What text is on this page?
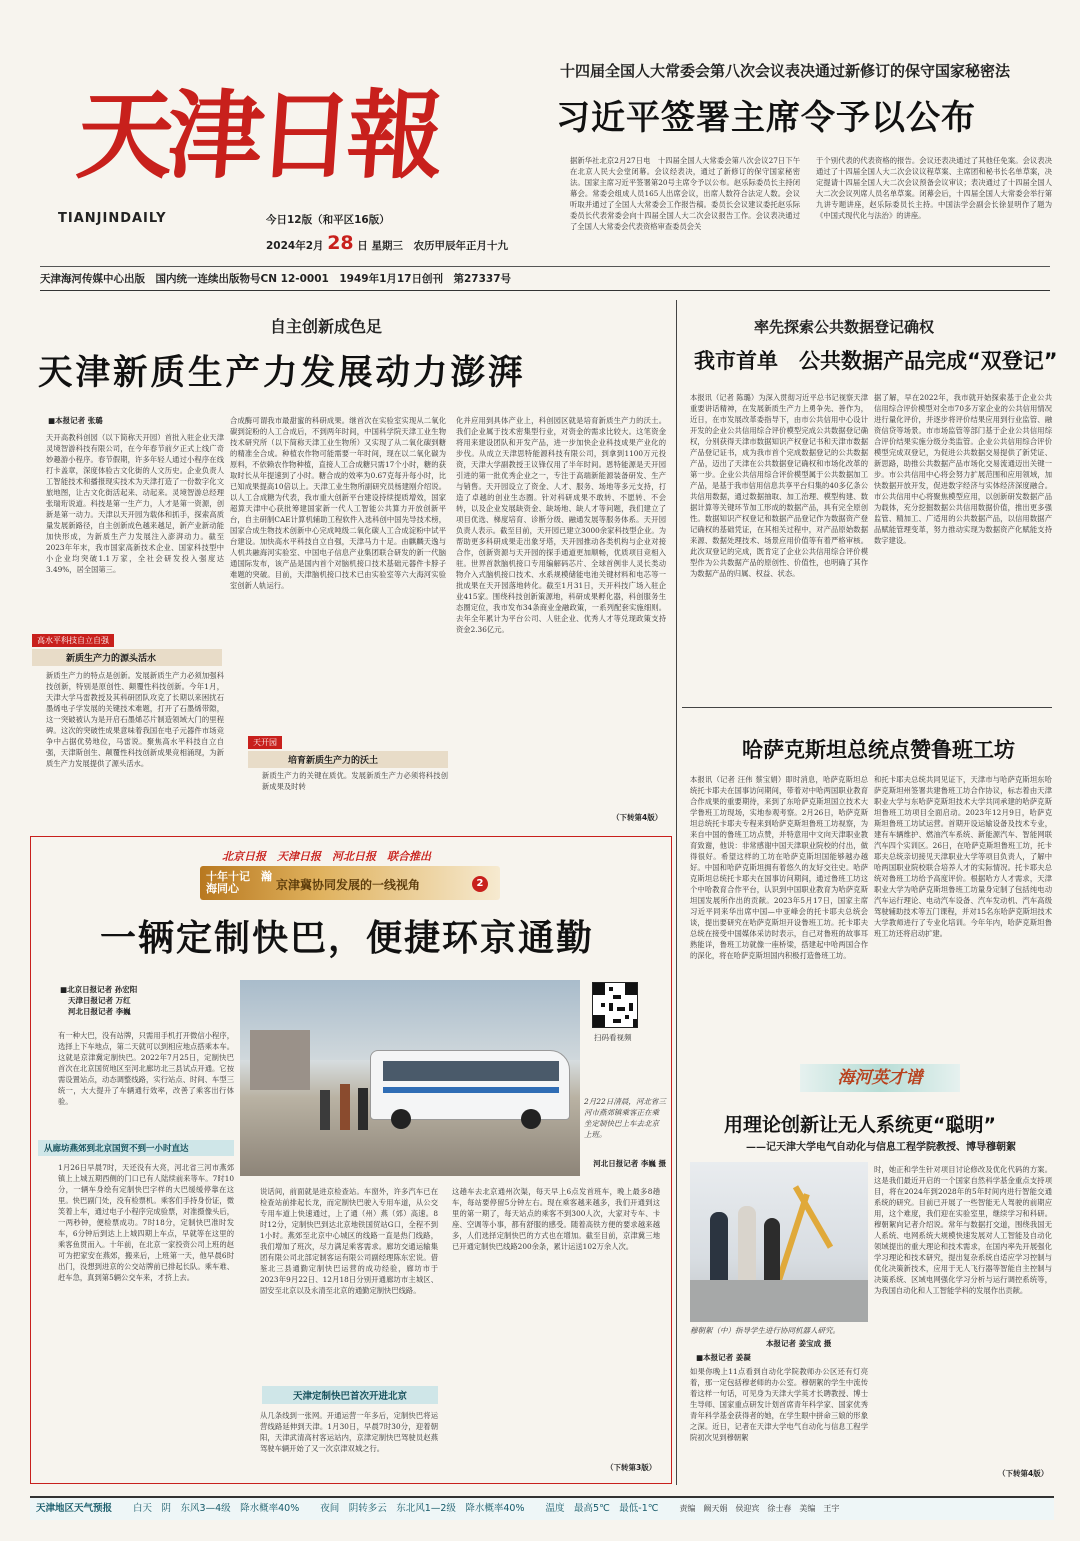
天津日報
TIANJINDAILY	今日12版（和平区16版）
2024年2月 28 日 星期三　农历甲辰年正月十九
天津海河传媒中心出版　国内统一连续出版物号CN 12-0001　1949年1月17日创刊　第27337号
十四届全国人大常委会第八次会议表决通过新修订的保守国家秘密法
习近平签署主席令予以公布
据新华社北京2月27日电　十四届全国人大常委会第八次会议27日下午在北京人民大会堂闭幕。会议经表决，通过了新修订的保守国家秘密法。国家主席习近平签署第20号主席令予以公布。赵乐际委员长主持闭幕会。常委会组成人员165人出席会议，出席人数符合法定人数。会议听取并通过了全国人大常委会工作报告稿。委员长会议建议委托赵乐际委员长代表常委会向十四届全国人大二次会议报告工作。会议表决通过了全国人大常委会代表资格审查委员会关
于个别代表的代表资格的报告。会议还表决通过了其他任免案。会议表决通过了十四届全国人大二次会议议程草案、主席团和秘书长名单草案，决定提请十四届全国人大二次会议预备会议审议；表决通过了十四届全国人大二次会议列席人员名单草案。闭幕会后，十四届全国人大常委会举行第九讲专题讲座，赵乐际委员长主持。中国法学会副会长徐显明作了题为《中国式现代化与法治》的讲座。
自主创新成色足
天津新质生产力发展动力澎湃
■本报记者 张璐
天开高教科创园（以下简称天开园）首批入驻企业天津灵境智游科技有限公司，在今年春节前夕正式上线广奇妙趣游小程序。春节假期，许多年轻人通过小程序在线打卡盖章，深度体验古文化街的人文历史。企业负责人工智能技术和播报现实技术为天津打造了一份数字化文旅地图，让古文化街活起来、动起来。灵境智游总经理张瑞珩说道。科技是第一生产力，人才是第一资源，创新是第一动力。天津以天开园为载体和抓手，探索高质量发展新路径，自主创新成色越来越足，新产业新动能加快形成，为新质生产力发展注入澎湃动力。截至2023年年末，我市国家高新技术企业、国家科技型中小企业均突破1.1万家，全社会研发投入强度达3.49%，居全国第三。
高水平科技自立自强
新质生产力的源头活水
新质生产力的特点是创新。发展新质生产力必须加强科技创新，特别是原创性、颠覆性科技创新。今年1月，天津大学马雷教授及其科研团队攻克了长期以来困扰石墨烯电子学发展的关键技术难题，打开了石墨烯带隙，这一突破被认为是开启石墨烯芯片制造领域大门的里程碑。这次的突破性成果意味着我国在电子元器件市场竞争中占据优势地位，马雷说。聚焦高水平科技自立自强，天津斯创生、颠覆性科技创新成果竞相涌现，为新质生产力发展提供了源头活水。
合成酶可谓我市最甜蜜的科研成果。继首次在实验室实现从二氧化碳到淀粉的人工合成后，不到两年时间，中国科学院天津工业生物技术研究所（以下简称天津工业生物所）又实现了从二氧化碳到糖的精准全合成。种植农作物可能需要一年时间，现在以二氧化碳为原料，不依赖农作物种植，直接人工合成糖只需17个小时，糖的获取时长从年提速到了小时。糖合成的效率为0.67克每升每小时，比已知成果提高10倍以上。天津工业生物所副研究员杨建刚介绍说。以人工合成糖为代表，我市重大创新平台建设持续提质增效，国家超算天津中心获批筹建国家新一代人工智能公共算力开放创新平台，自主研制CAE计算机辅助工程软件入选科创中国先导技术榜，国家合成生物技术创新中心完成吨级二氧化碳人工合成淀粉中试平台建设。加快高水平科技自立自强，天津马力十足。由麒麟天逸与人机共融海河实验室、中国电子信息产业集团联合研发的新一代脑通国际发布，该产品是国内首个对脑机接口技术基础元器件卡脖子难题的突破。目前，天津脑机接口技术已由实验室等六大海河实验室创新人轨运行。
天开园
培育新质生产力的沃土
新质生产力的关键在质优。发展新质生产力必须将科技创新成果及时转
化并应用到具体产业上，科创园区就是培育新质生产力的沃土。我们企业属于技术密集型行业，对资金的需求比较大。这笔资金将用来建设团队和开发产品，进一步加快企业科技成果产业化的步伐。从成立天津思特能源科技有限公司，到拿到1100万元投资，天津大学副教授王议锋仅用了半年时间。恩特能源是天开园引进的第一批优秀企业之一，专注于高端新能源装备研发、生产与销售。天开园设立了资金、人才、服务、场地等多元支持，打造了卓越的创业生态圈。针对科研成果不敢转、不愿转、不会转，以及企业发展缺资金、缺场地、缺人才等问题，我们建立了项目优选、梯度培育、诊断分级、融通发展等服务体系。天开园负责人表示。截至目前，天开园已建立3000余家科技型企业。为帮助更多科研成果走出象牙塔，天开园推动各类机构与企业对接合作，创新资源与天开园的探手通道更加顺畅，优质项目竞相入驻。世界首款脑机接口专用编解码芯片、全球首例非人灵长类动物介入式脑机接口技术、水系规模储能电池关键材料和电芯等一批成果在天开园落地转化。截至1月31日，天开科技广场入驻企业415家。围绕科技创新策源地，科研成果孵化器，科创服务生态圈定位，我市发布34条商业金融政策，一系列配套实施细则。去年全年累计为平台公司、人驻企业、优秀人才等兑现政策支持资金2.36亿元。
（下转第4版）
率先探索公共数据登记确权
我市首单　公共数据产品完成“双登记”
本报讯（记者 陈璐）为深入贯彻习近平总书记视察天津重要讲话精神，在发展新质生产力上勇争先、善作为，近日，在市发展改革委指导下，由市公共信用中心设计开发的企业公共信用综合评价模型完成公共数据登记确权，分别获得天津市数据知识产权登记书和天津市数据产品登记证书，成为我市首个完成数据登记的公共数据产品，迈出了天津在公共数据登记确权和市场化改革的第一步。企业公共信用综合评价模型属于公共数据加工产品，是基于我市信用信息共享平台归集的40多亿条公共信用数据，通过数据抽取、加工治理、模型构建、数据计算等关键环节加工形成的数据产品，具有完全原创性。数据知识产权登记和数据产品登记作为数据资产登记确权的基础凭证，在其相关过程中，对产品原始数据来源、数据处理技术、场景应用价值等有着严格审核。此次双登记的完成，既肯定了企业公共信用综合评价模型作为公共数据产品的原创性、价值性，也明确了其作为数据产品的归属、权益、状态。
据了解，早在2022年，我市就开始探索基于企业公共信用综合评价模型对全市70多万家企业的公共信用情况进行量化评价，并逐步将评价结果应用到行业监管、融资信贷等场景。市市场监管等部门基于企业公共信用综合评价结果实施分级分类监管。企业公共信用综合评价模型完成双登记，为促进公共数据交易提供了新凭证、新思路，助推公共数据产品市场化交易流通迈出关键一步。市公共信用中心将会努力扩展范围和应用领域，加快数据开放开发，促进数字经济与实体经济深度融合。市公共信用中心将聚焦模型应用，以创新研发数据产品为载体，充分挖掘数据公共信用数据价值，推出更多强监管、精加工、广适用的公共数据产品，以信用数据产品赋能管理变革，努力推动实现为数据资产化赋能支持数字建设。
哈萨克斯坦总统点赞鲁班工坊
本报讯（记者 汪伟 蔡宝娟）即时消息，哈萨克斯坦总统托卡耶夫在国事访问期间，带着对中哈两国职业教育合作成果的重要期待，来到了东哈萨克斯坦国立技术大学鲁班工坊现场，实地参观考察。2月26日，哈萨克斯坦总统托卡耶夫专程来到哈萨克斯坦鲁班工坊视察，为来自中国的鲁班工坊点赞，并特意用中文向天津职业教育致谢，他说：非常感谢中国天津职业院校的付出，做得很好。希望这样的工坊在哈萨克斯坦国能够越办越好。中国和哈萨克斯坦拥有着悠久的友好交往史。哈萨克斯坦总统托卡耶夫在国事访问期间，通过鲁班工坊这个中哈教育合作平台，认识到中国职业教育为哈萨克斯坦国发展所作出的贡献。2023年5月17日，国家主席习近平同来华出席中国—中亚峰会的托卡耶夫总统会谈，提出要研究在哈萨克斯坦开设鲁班工坊。托卡耶夫总统在接受中国媒体采访时表示，自己对鲁班的故事耳熟能详，鲁班工坊就像一座桥梁，搭建起中哈两国合作的深化，将在哈萨克斯坦国内积极打造鲁班工坊。
和托卡耶夫总统共同见证下，天津市与哈萨克斯坦东哈萨克斯坦州签署共建鲁班工坊合作协议，标志着由天津职业大学与东哈萨克斯坦技术大学共同承建的哈萨克斯坦鲁班工坊项目全面启动。2023年12月9日，哈萨克斯坦鲁班工坊试运营。首期开设运输设备及技术专业，建有车辆维护、燃油汽车系统、新能源汽车、智能网联汽车四个实训区。26日，在哈萨克斯坦鲁班工坊，托卡耶夫总统亲切接见天津职业大学等项目负责人，了解中哈两国职业院校联合培养人才的实际情况。托卡耶夫总统对鲁班工坊给予高度评价。根据哈方人才需求，天津职业大学为哈萨克斯坦鲁班工坊量身定制了包括纯电动汽车运行理论、电动汽车设备、汽车发动机、汽车高级驾驶辅助技术等五门课程，并对15名东哈萨克斯坦技术大学教师进行了专业化培训。今年年内，哈萨克斯坦鲁班工坊还将启动扩建。
北京日报　天津日报　河北日报　联合推出
十年十记　瀚海同心	京津冀协同发展的一线视角	2
一辆定制快巴，便捷环京通勤
■北京日报记者 孙宏阳
天津日报记者 万红
河北日报记者 李巍
扫码看视频
有一种大巴，没有站牌，只需用手机打开微信小程序，选择上下车地点，第二天就可以到相应地点搭乘本车。这就是京津冀定制快巴。2022年7月25日，定制快巴首次在北京国贸地区至河北廊坊北三县试点开通。它按需设置站点，动态调整线路，实行站点、时间、车型三统一，大大提升了车辆通行效率，改善了乘客出行体验。	2月22日清晨，河北省三河市燕郊镇乘客正在乘坐定制快巴上车去北京上班。
河北日报记者 李巍 摄
从廊坊燕郊到北京国贸不到一小时直达
1月26日早晨7时，天还没有大亮，河北省三河市燕郊镇上上城五期西侧的门口已有人陆续前来等车。7时10分，一辆车身绘有定制快巴字样的大巴缓缓停靠在这里。快巴副门处，没有检票机。乘客们手持身份证，微笑着上车，通过电子小程序完成验票，对准摄像头后，一两秒钟，便检票成功。7时18分，定制快巴准时发车，6分钟后到达上上城四期上车点，早就等在这里的乘客鱼贯而入。十年前，在北京一家投资公司上班的赵可为把家安在燕郊，搬来后，上班第一天，他早晨6时出门，没想到进京的公交站牌前已排起长队。乘车难、赶车急，真到第5辆公交车来，才挤上去。
说话间，前面就是进京检查站。车窗外，许多汽车已在检查站前排起长龙，而定制快巴驶入专用车道，从公交专用车道上快速通过，上了通（州）燕（郊）高速。8时12分，定制快巴到达北京地铁国贸站G口，全程不到1小时。燕郊至北京中心城区的线路一直是热门线路，我们增加了班次，尽力满足乘客需求。廊坊交通运输集团有限公司北部定制客运有限公司副经理陈东宏说。借鉴北三县通勤定制快巴运营的成功经验，廊坊市于2023年9月22日、12月18日分别开通廊坊市主城区、固安至北京以及永清至北京的通勤定制快巴线路。
天津定制快巴首次开进北京
从几条线到一张网。开通运营一年多后，定制快巴将运营线路延伸到天津。1月30日，早晨7时30分，迎着朝阳，天津武清高村客运站内，京津定制快巴驾驶员赵燕驾驶车辆开始了又一次京津双城之行。
这趟车去北京通州次渠，每天早上6点发首班车，晚上最多8趟车，每站要停留5分钟左右。现在乘客越来越多，我们开通到这里的第一期了，每天站点的乘客不到300人次，大家对专车、卡座、空调等小事，都有舒服的感受。随着高铁方便的要求越来越多，人们选择定制快巴的方式也在增加。截至目前，京津冀三地已开通定制快巴线路200余条，累计运送102万余人次。
（下转第3版）
海河英才谱
用理论创新让无人系统更“聪明”
——记天津大学电气自动化与信息工程学院教授、博导穆朝絮
穆朝絮（中）指导学生进行协同机器人研究。
本报记者 姜宝成 摄
■本报记者 姜凝
如果你晚上11点看到自动化学院教师办公区还有灯亮着，那一定包括穆老师的办公室。穆朝絮的学生中流传着这样一句话，可见身为天津大学英才长聘教授、博士生导师、国家重点研发计划首席青年科学家、国家优秀青年科学基金获得者的她，在学生眼中拼命三娘的形象之深。近日，记者在天津大学电气自动化与信息工程学院初次见到穆朝絮
时，她正和学生针对项目讨论修改及优化代码的方案。这是我们最近开启的一个国家自然科学基金重点支持项目，将在2024年到2028年的5年时间内进行智能交通系统的研究。目前已开展了一些智能无人驾驶的前期应用，这个难度，我们迎在实验室里，继续学习和科研。穆朝絮向记者介绍说。常年与数据打交道，围绕我国无人系统、电网系统大规模快速发展对人工智能及自动化领域提出的重大理论和技术需求，在国内率先开展强化学习理论和技术研究，提出复杂系统自适应学习控制与优化决策新技术，应用于无人飞行器等智能自主控制与决策系统、区域电网强化学习分析与运行调控系统等，为我国自动化和人工智能学科的发展作出贡献。
（下转第4版）
天津地区天气预报 白天　阴　东风3—4级　降水概率40% 夜间　阴转多云　东北风1—2级　降水概率40% 温度　最高5℃　最低-1℃	责编　阚天娟　侯迎宾　徐士春　美编　王宇
